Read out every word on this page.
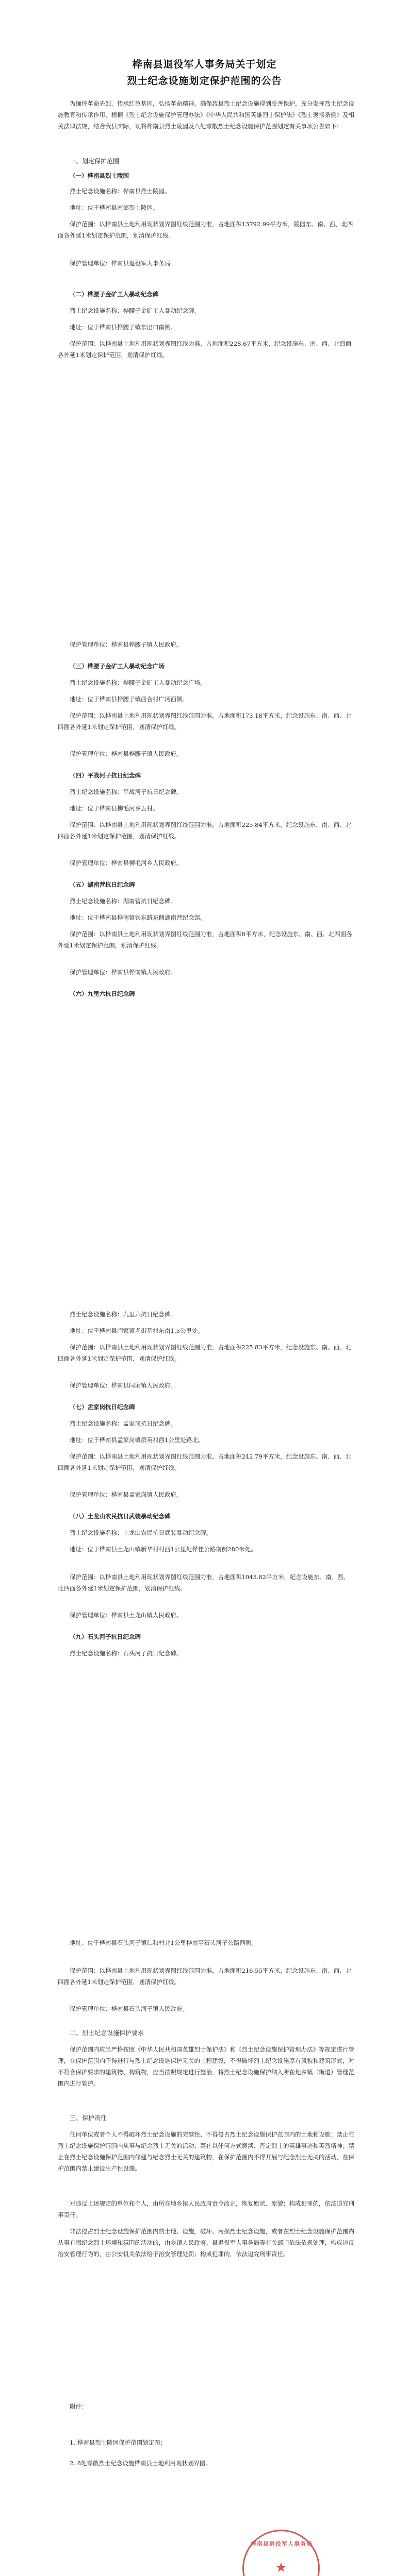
桦南县退役军人事务局关于划定
烈士纪念设施划定保护范围的公告
为缅怀革命先烈，传承红色基因，弘扬革命精神，确保我县烈士纪念设施得到妥善保护，充分发挥烈士纪念设施教育和传承作用，根据《烈士纪念设施保护管理办法》《中华人民共和国英雄烈士保护法》《烈士褒扬条例》及相关法律法规，结合我县实际，现将桦南县烈士陵园及八处零散烈士纪念设施保护范围划定有关事项公告如下：
一、划定保护范围
（一）桦南县烈士陵园
烈士纪念设施名称：桦南县烈士陵园。
地址：位于桦南县南郊烈士陵园。
保护范围：以桦南县土地利用现状划界图红线范围为准，占地面积13792.99平方米，陵园东、南、西、北四面各外延1米划定保护范围，划清保护红线。
保护管理单位：桦南县退役军人事务局
（二）桦腰子金矿工人暴动纪念碑
烈士纪念设施名称：桦腰子金矿工人暴动纪念碑。
地址：位于桦南县桦腰子镇东出口南侧。
保护范围：以桦南县土地利用现状划界图红线为准，占地面积228.67平方米，纪念设施东、南、西、北四面各外延1米划定保护范围，划清保护红线。
保护管理单位：桦南县桦腰子镇人民政府。
（三）桦腰子金矿工人暴动纪念广场
烈士纪念设施名称：桦腰子金矿工人暴动纪念广场。
地址：位于桦南县桦腰子镇西合村广场西侧。
保护范围：以桦南县土地利用现状划界图红线范围为准，占地面积173.18平方米，纪念设施东、南、西、北四面各外延1米划定保护范围，划清保护红线。
保护管理单位：桦南县桦腰子镇人民政府。
（四）平战河子抗日纪念碑
烈士纪念设施名称：平战河子抗日纪念碑。
地址：位于桦南县柳毛河乡五村。
保护范围：以桦南县土地利用现状划界图红线范围为准，占地面积225.84平方米，纪念设施东、南、西、北四面各外延1米划定保护范围，划清保护红线。
保护管理单位：桦南县柳毛河乡人民政府。
（五）湖南营抗日纪念碑
烈士纪念设施名称：湖南营抗日纪念碑。
地址：位于桦南县桦南镇铁东路东侧湖南营纪念馆。
保护范围：以桦南县土地利用现状划界图红线范围为准，占地面积8平方米，纪念设施东、南、西、北四面各外延1米划定保护范围，划清保护红线。
保护管理单位：桦南县桦南镇人民政府。
（六）九里六抗日纪念碑
烈士纪念设施名称：九里六抗日纪念碑。
地址：位于桦南县闫家镇老街基村东南1.5公里处。
保护范围：以桦南县土地利用现状划界图红线范围为准，占地面积225.83平方米，纪念设施东、南、西、北四面各外延1米划定保护范围，划清保护红线。
保护管理单位：桦南县闫家镇人民政府。
（七）孟家岗抗日纪念碑
烈士纪念设施名称：孟家岗抗日纪念碑。
地址：位于桦南县孟家岗镇群英村西1公里处路北。
保护范围：以桦南县土地利用现状划界图红线范围为准，占地面积242.79平方米，纪念设施东、南、西、北四面各外延1米划定保护范围，划清保护红线。
保护管理单位：桦南县孟家岗镇人民政府。
（八）土龙山农民抗日武装暴动纪念碑
烈士纪念设施名称：土龙山农民抗日武装暴动纪念碑。
地址：位于桦南县土龙山镇新华村村西1公里处桦佳公路南侧280米处。
保护范围：以桦南县土地利用现状划界图红线范围为准，占地面积1045.82平方米，纪念设施东、南、西、北四面各外延1米划定保护范围，划清保护红线。
保护管理单位：桦南县土龙山镇人民政府。
（九）石头河子抗日纪念碑
烈士纪念设施名称：石头河子抗日纪念碑。
地址：位于桦南县石头河子镇仁和村北1公里桦南至石头河子公路西侧。
保护范围：以桦南县土地利用现状划界图红线范围为准，占地面积216.55平方米，纪念设施东、南、西、北四面各外延1米划定保护范围，划清保护红线。
保护管理单位：桦南县石头河子镇人民政府。
二、烈士纪念设施保护要求
保护范围内应当严格按照《中华人民共和国英雄烈士保护法》和《烈士纪念设施保护管理办法》等规定进行管理，在保护范围内不得进行与烈士纪念设施保护无关的工程建设，不得破坏烈士纪念设施原有风貌和建筑形式，对不符合保护要求的建筑物、构筑物，应当按照规定进行整治，将烈士纪念设施保护纳入所在地乡镇（街道）管理范围内进行管护。
三、保护责任
任何单位或者个人不得破坏烈士纪念设施的完整性、不得侵占烈士纪念设施保护范围内的土地和设施；禁止在烈士纪念设施保护范围内从事与纪念烈士无关的活动；禁止以任何方式亵渎、否定烈士的英雄事迹和英烈精神；禁止在烈士纪念设施保护范围内修建与纪念烈士无关的建筑物，在保护范围内不得开展与纪念烈士无关的活动，在保护范围内禁止建设生产性设施。
对违反上述规定的单位和个人，由所在地乡镇人民政府责令改正，恢复原状、原貌；构成犯罪的，依法追究刑事责任。
非法侵占烈士纪念设施保护范围内的土地、设施，破坏、污损烈士纪念设施，或者在烈士纪念设施保护范围内从事有损纪念烈士环境和氛围的活动的，由乡镇人民政府、县退役军人事务局等有关部门依法依规处理，构成违反治安管理行为的，由公安机关依法给予治安管理处罚；构成犯罪的，依法追究刑事责任。
附件：
1. 桦南县烈士陵园保护范围划定图；
2. 8处零散烈士纪念设施桦南县土地利用现状划界图。
桦南县退役军人事务局
★
